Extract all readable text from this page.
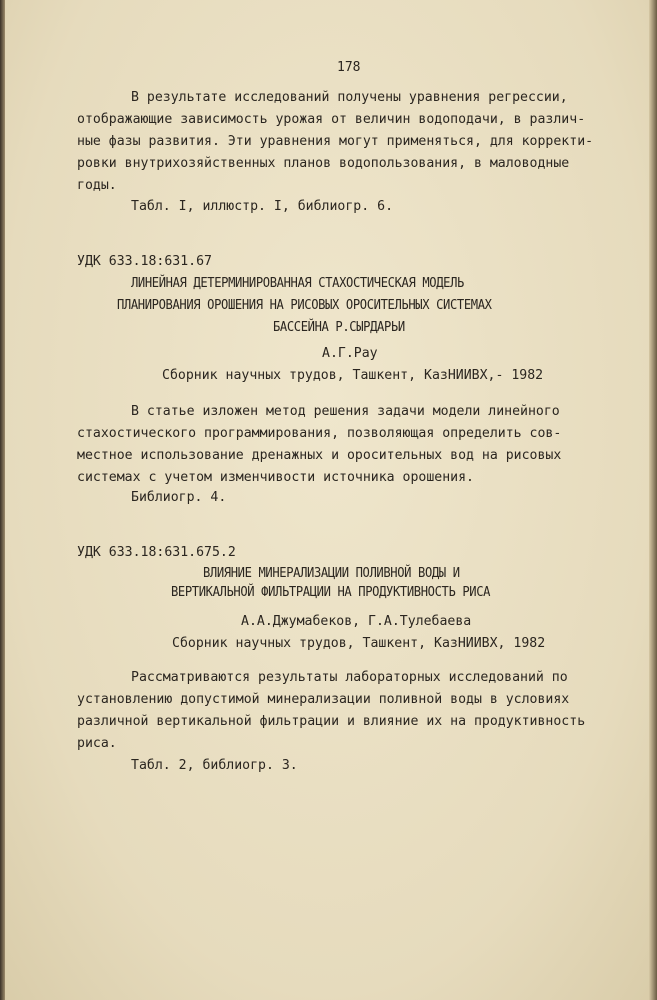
178
В результате исследований получены уравнения регрессии,
отображающие зависимость урожая от величин водоподачи, в различ-
ные фазы развития. Эти уравнения могут применяться, для корректи-
ровки внутрихозяйственных планов водопользования, в маловодные
годы.
Табл. I, иллюстр. I, библиогр. 6.
УДК 633.18:631.67
ЛИНЕЙНАЯ ДЕТЕРМИНИРОВАННАЯ СТАХОСТИЧЕСКАЯ МОДЕЛЬ
ПЛАНИРОВАНИЯ ОРОШЕНИЯ НА РИСОВЫХ ОРОСИТЕЛЬНЫХ СИСТЕМАХ
БАССЕЙНА Р.СЫРДАРЬИ
А.Г.Рау
Сборник научных трудов, Ташкент, КазНИИВХ,- 1982
В статье изложен метод решения задачи модели линейного
стахостического программирования, позволяющая определить сов-
местное использование дренажных и оросительных вод на рисовых
системах с учетом изменчивости источника орошения.
Библиогр. 4.
УДК 633.18:631.675.2
ВЛИЯНИЕ МИНЕРАЛИЗАЦИИ ПОЛИВНОЙ ВОДЫ И
ВЕРТИКАЛЬНОЙ ФИЛЬТРАЦИИ НА ПРОДУКТИВНОСТЬ РИСА
А.А.Джумабеков, Г.А.Тулебаева
Сборник научных трудов, Ташкент, КазНИИВХ, 1982
Рассматриваются результаты лабораторных исследований по
установлению допустимой минерализации поливной воды в условиях
различной вертикальной фильтрации и влияние их на продуктивность
риса.
Табл. 2, библиогр. 3.
